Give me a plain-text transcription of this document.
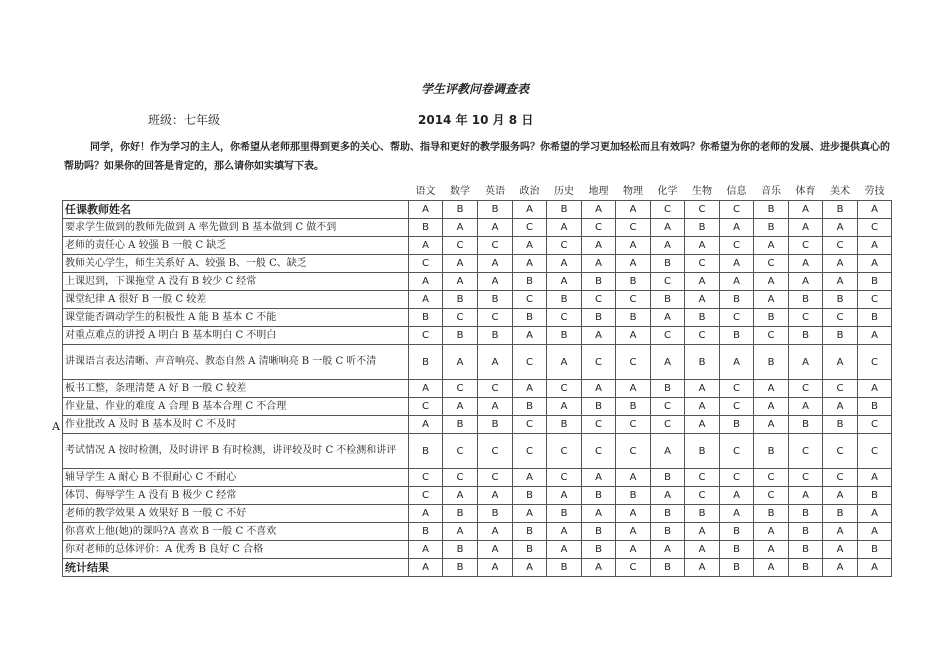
学生评教问卷调查表
班级：七年级	2014 年 10 月 8 日
同学，你好！作为学习的主人，你希望从老师那里得到更多的关心、帮助、指导和更好的教学服务吗？你希望的学习更加轻松而且有效吗？你希望为你的老师的发展、进步提供真心的帮助吗？如果你的回答是肯定的，那么请你如实填写下表。
A
	语文	数学	英语	政治	历史	地理	物理	化学	生物	信息	音乐	体育	美术	劳技
任课教师姓名	A	B	B	A	B	A	A	C	C	C	B	A	B	A
要求学生做到的教师先做到 A 率先做到 B 基本做到 C 做不到	B	A	A	C	A	C	C	A	B	A	B	A	A	C
老师的责任心 A 较强 B 一般 C 缺乏	A	C	C	A	C	A	A	A	A	C	A	C	C	A
教师关心学生，师生关系好 A、较强 B、一般 C、缺乏	C	A	A	A	A	A	A	B	C	A	C	A	A	A
上课迟到，下课拖堂 A 没有 B 较少 C 经常	A	A	A	B	A	B	B	C	A	A	A	A	A	B
课堂纪律 A 很好 B 一般 C 较差	A	B	B	C	B	C	C	B	A	B	A	B	B	C
课堂能否调动学生的积极性 A 能 B 基本 C 不能	B	C	C	B	C	B	B	A	B	C	B	C	C	B
对重点难点的讲授 A 明白 B 基本明白 C 不明白	C	B	B	A	B	A	A	C	C	B	C	B	B	A
讲课语言表达清晰、声音响亮、教态自然 A 清晰响亮 B 一般 C 听不清	B	A	A	C	A	C	C	A	B	A	B	A	A	C
板书工整，条理清楚 A 好 B 一般 C 较差	A	C	C	A	C	A	A	B	A	C	A	C	C	A
作业量、作业的难度 A 合理 B 基本合理 C 不合理	C	A	A	B	A	B	B	C	A	C	A	A	A	B
作业批改 A 及时 B 基本及时 C 不及时	A	B	B	C	B	C	C	C	A	B	A	B	B	C
考试情况 A 按时检测，及时讲评 B 有时检测，讲评较及时 C 不检测和讲评	B	C	C	C	C	C	C	A	B	C	B	C	C	C
辅导学生 A 耐心 B 不很耐心 C 不耐心	C	C	C	A	C	A	A	B	C	C	C	C	C	A
体罚、侮辱学生 A 没有 B 极少 C 经常	C	A	A	B	A	B	B	A	C	A	C	A	A	B
老师的教学效果 A 效果好 B 一般 C 不好	A	B	B	A	B	A	A	B	B	A	B	B	B	A
你喜欢上他(她)的课吗?A 喜欢 B 一般 C 不喜欢	B	A	A	B	A	B	A	B	A	B	A	B	A	A
你对老师的总体评价：A 优秀 B 良好 C 合格	A	B	A	B	A	B	A	A	A	B	A	B	A	B
统计结果	A	B	A	A	B	A	C	B	A	B	A	B	A	A
